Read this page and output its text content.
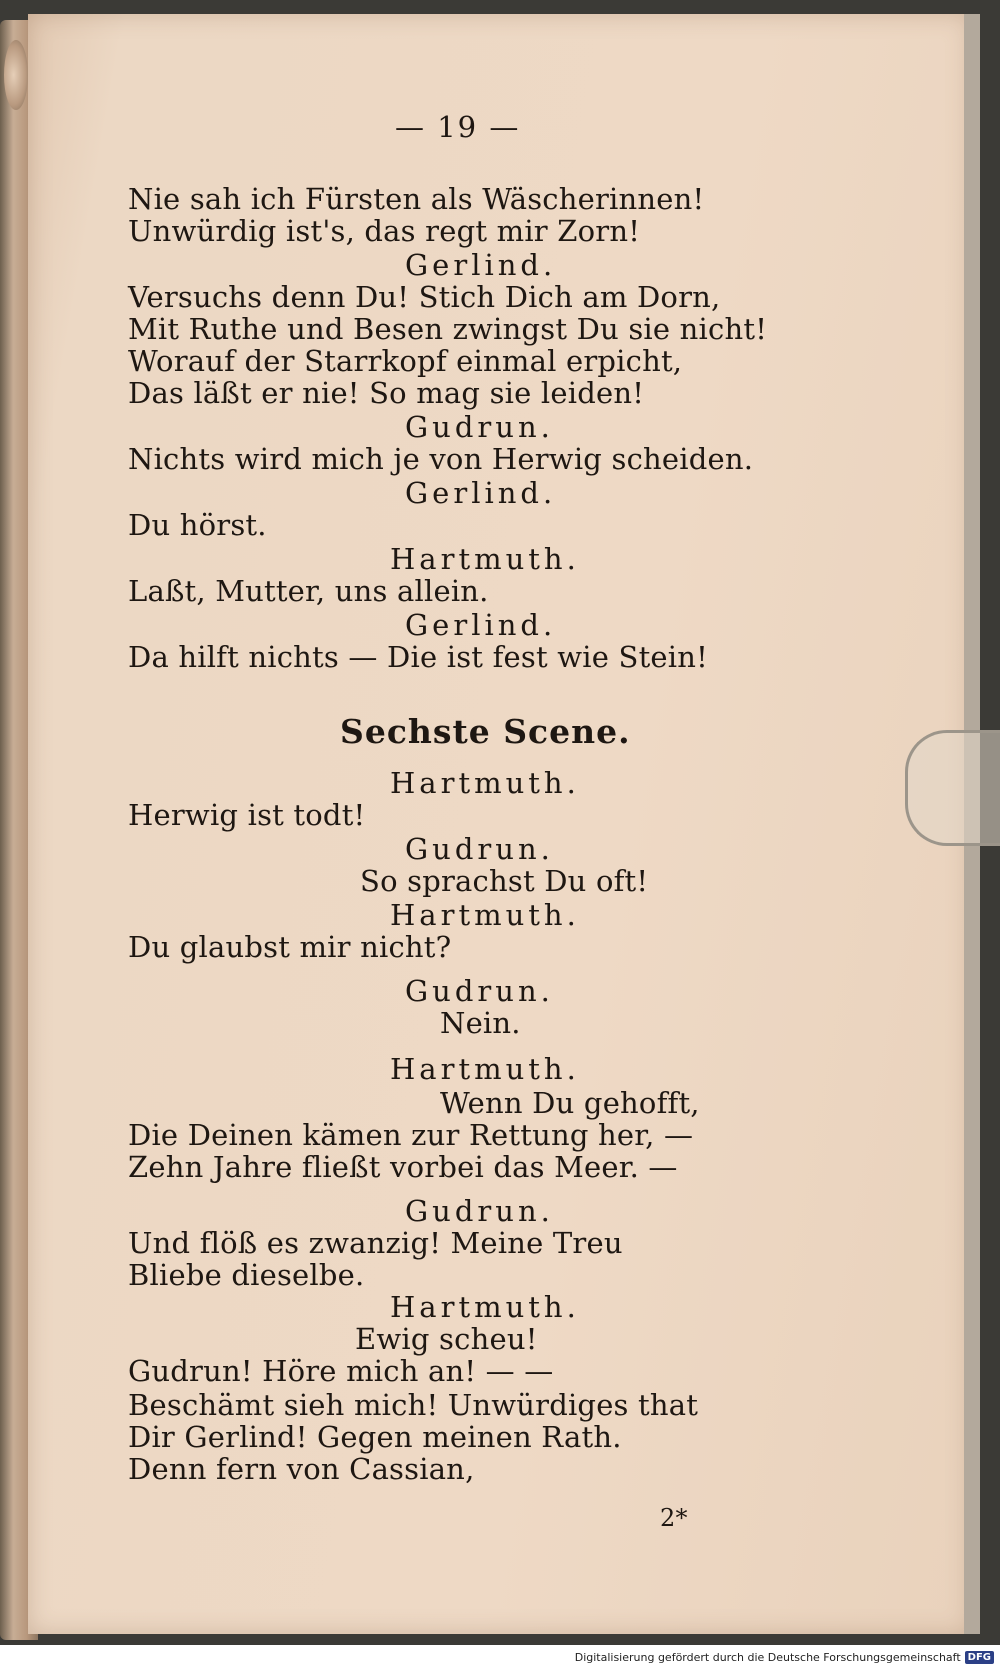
— 19 —
Nie sah ich Fürsten als Wäscherinnen!
Unwürdig ist's, das regt mir Zorn!
Gerlind.
Versuchs denn Du! Stich Dich am Dorn,
Mit Ruthe und Besen zwingst Du sie nicht!
Worauf der Starrkopf einmal erpicht,
Das läßt er nie! So mag sie leiden!
Gudrun.
Nichts wird mich je von Herwig scheiden.
Gerlind.
Du hörst.
Hartmuth.
Laßt, Mutter, uns allein.
Gerlind.
Da hilft nichts — Die ist fest wie Stein!
Sechste Scene.
Hartmuth.
Herwig ist todt!
Gudrun.
So sprachst Du oft!
Hartmuth.
Du glaubst mir nicht?
Gudrun.
Nein.
Hartmuth.
Wenn Du gehofft,
Die Deinen kämen zur Rettung her, —
Zehn Jahre fließt vorbei das Meer. —
Gudrun.
Und flöß es zwanzig! Meine Treu
Bliebe dieselbe.
Hartmuth.
Ewig scheu!
Gudrun! Höre mich an! — —
Beschämt sieh mich! Unwürdiges that
Dir Gerlind! Gegen meinen Rath.
Denn fern von Cassian,
2*
Digitalisierung gefördert durch die Deutsche Forschungsgemeinschaft DFG
